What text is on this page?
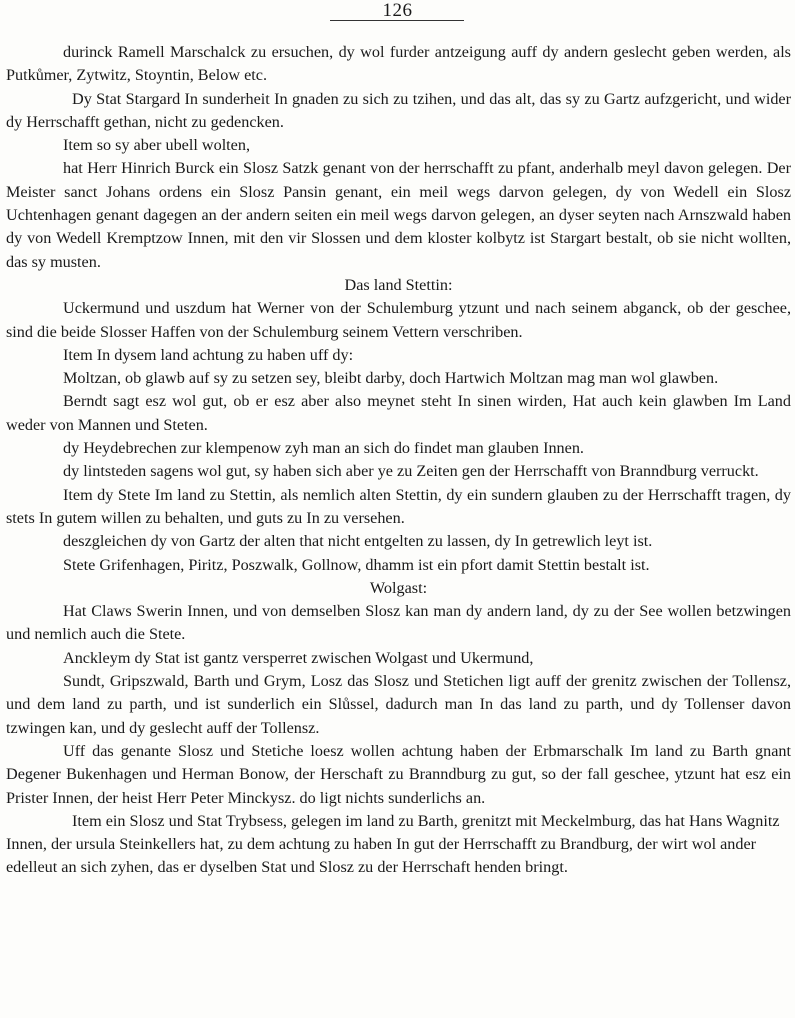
126

durinck Ramell Marschalck zu ersuchen, dy wol furder antzeigung auff dy andern geslecht geben werden, als Putkůmer, Zytwitz, Stoyntin, Below etc.

Dy Stat Stargard In sunderheit In gnaden zu sich zu tzihen, und das alt, das sy zu Gartz aufzgericht, und wider dy Herrschafft gethan, nicht zu gedencken.

Item so sy aber ubell wolten,

hat Herr Hinrich Burck ein Slosz Satzk genant von der herrschafft zu pfant, anderhalb meyl davon gelegen. Der Meister sanct Johans ordens ein Slosz Pansin genant, ein meil wegs darvon gelegen, dy von Wedell ein Slosz Uchtenhagen genant dagegen an der andern seiten ein meil wegs darvon gelegen, an dyser seyten nach Arnszwald haben dy von Wedell Kremptzow Innen, mit den vir Slossen und dem kloster kolbytz ist Stargart bestalt, ob sie nicht wollten, das sy musten.

Das land Stettin:

Uckermund und uszdum hat Werner von der Schulemburg ytzunt und nach seinem abganck, ob der geschee, sind die beide Slosser Haffen von der Schulemburg seinem Vettern verschriben.

Item In dysem land achtung zu haben uff dy:

Moltzan, ob glawb auf sy zu setzen sey, bleibt darby, doch Hartwich Moltzan mag man wol glawben.

Berndt sagt esz wol gut, ob er esz aber also meynet steht In sinen wirden, Hat auch kein glawben Im Land weder von Mannen und Steten.

dy Heydebrechen zur klempenow zyh man an sich do findet man glauben Innen.

dy lintsteden sagens wol gut, sy haben sich aber ye zu Zeiten gen der Herrschafft von Branndburg verruckt.

Item dy Stete Im land zu Stettin, als nemlich alten Stettin, dy ein sundern glauben zu der Herrschafft tragen, dy stets In gutem willen zu behalten, und guts zu In zu versehen.

deszgleichen dy von Gartz der alten that nicht entgelten zu lassen, dy In getrewlich leyt ist.

Stete Grifenhagen, Piritz, Poszwalk, Gollnow, dhamm ist ein pfort damit Stettin bestalt ist.

Wolgast:

Hat Claws Swerin Innen, und von demselben Slosz kan man dy andern land, dy zu der See wollen betzwingen und nemlich auch die Stete.

Anckleym dy Stat ist gantz versperret zwischen Wolgast und Ukermund,

Sundt, Gripszwald, Barth und Grym, Losz das Slosz und Stetichen ligt auff der grenitz zwischen der Tollensz, und dem land zu parth, und ist sunderlich ein Slůssel, dadurch man In das land zu parth, und dy Tollenser davon tzwingen kan, und dy geslecht auff der Tollensz.

Uff das genante Slosz und Stetiche loesz wollen achtung haben der Erbmarschalk Im land zu Barth gnant Degener Bukenhagen und Herman Bonow, der Herschaft zu Branndburg zu gut, so der fall geschee, ytzunt hat esz ein Prister Innen, der heist Herr Peter Minckysz. do ligt nichts sunderlichs an.

Item ein Slosz und Stat Trybsess, gelegen im land zu Barth, grenitzt mit Meckelmburg, das hat Hans Wagnitz Innen, der ursula Steinkellers hat, zu dem achtung zu haben In gut der Herrschafft zu Brandburg, der wirt wol ander edelleut an sich zyhen, das er dyselben Stat und Slosz zu der Herrschaft henden bringt.
